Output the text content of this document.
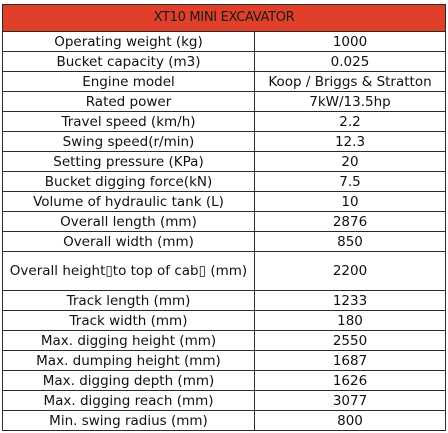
XT10 MINI EXCAVATOR	
Operating weight (kg)	1000
Bucket capacity (m3)	0.025
Engine model	Koop / Briggs & Stratton
Rated power	7kW/13.5hp
Travel speed (km/h)	2.2
Swing speed(r/min)	12.3
Setting pressure (KPa)	20
Bucket digging force(kN)	7.5
Volume of hydraulic tank (L)	10
Overall length (mm)	2876
Overall width (mm)	850
Overall height▯to top of cab▯ (mm)	2200
Track length (mm)	1233
Track width (mm)	180
Max. digging height (mm)	2550
Max. dumping height (mm)	1687
Max. digging depth (mm)	1626
Max. digging reach (mm)	3077
Min. swing radius (mm)	800
